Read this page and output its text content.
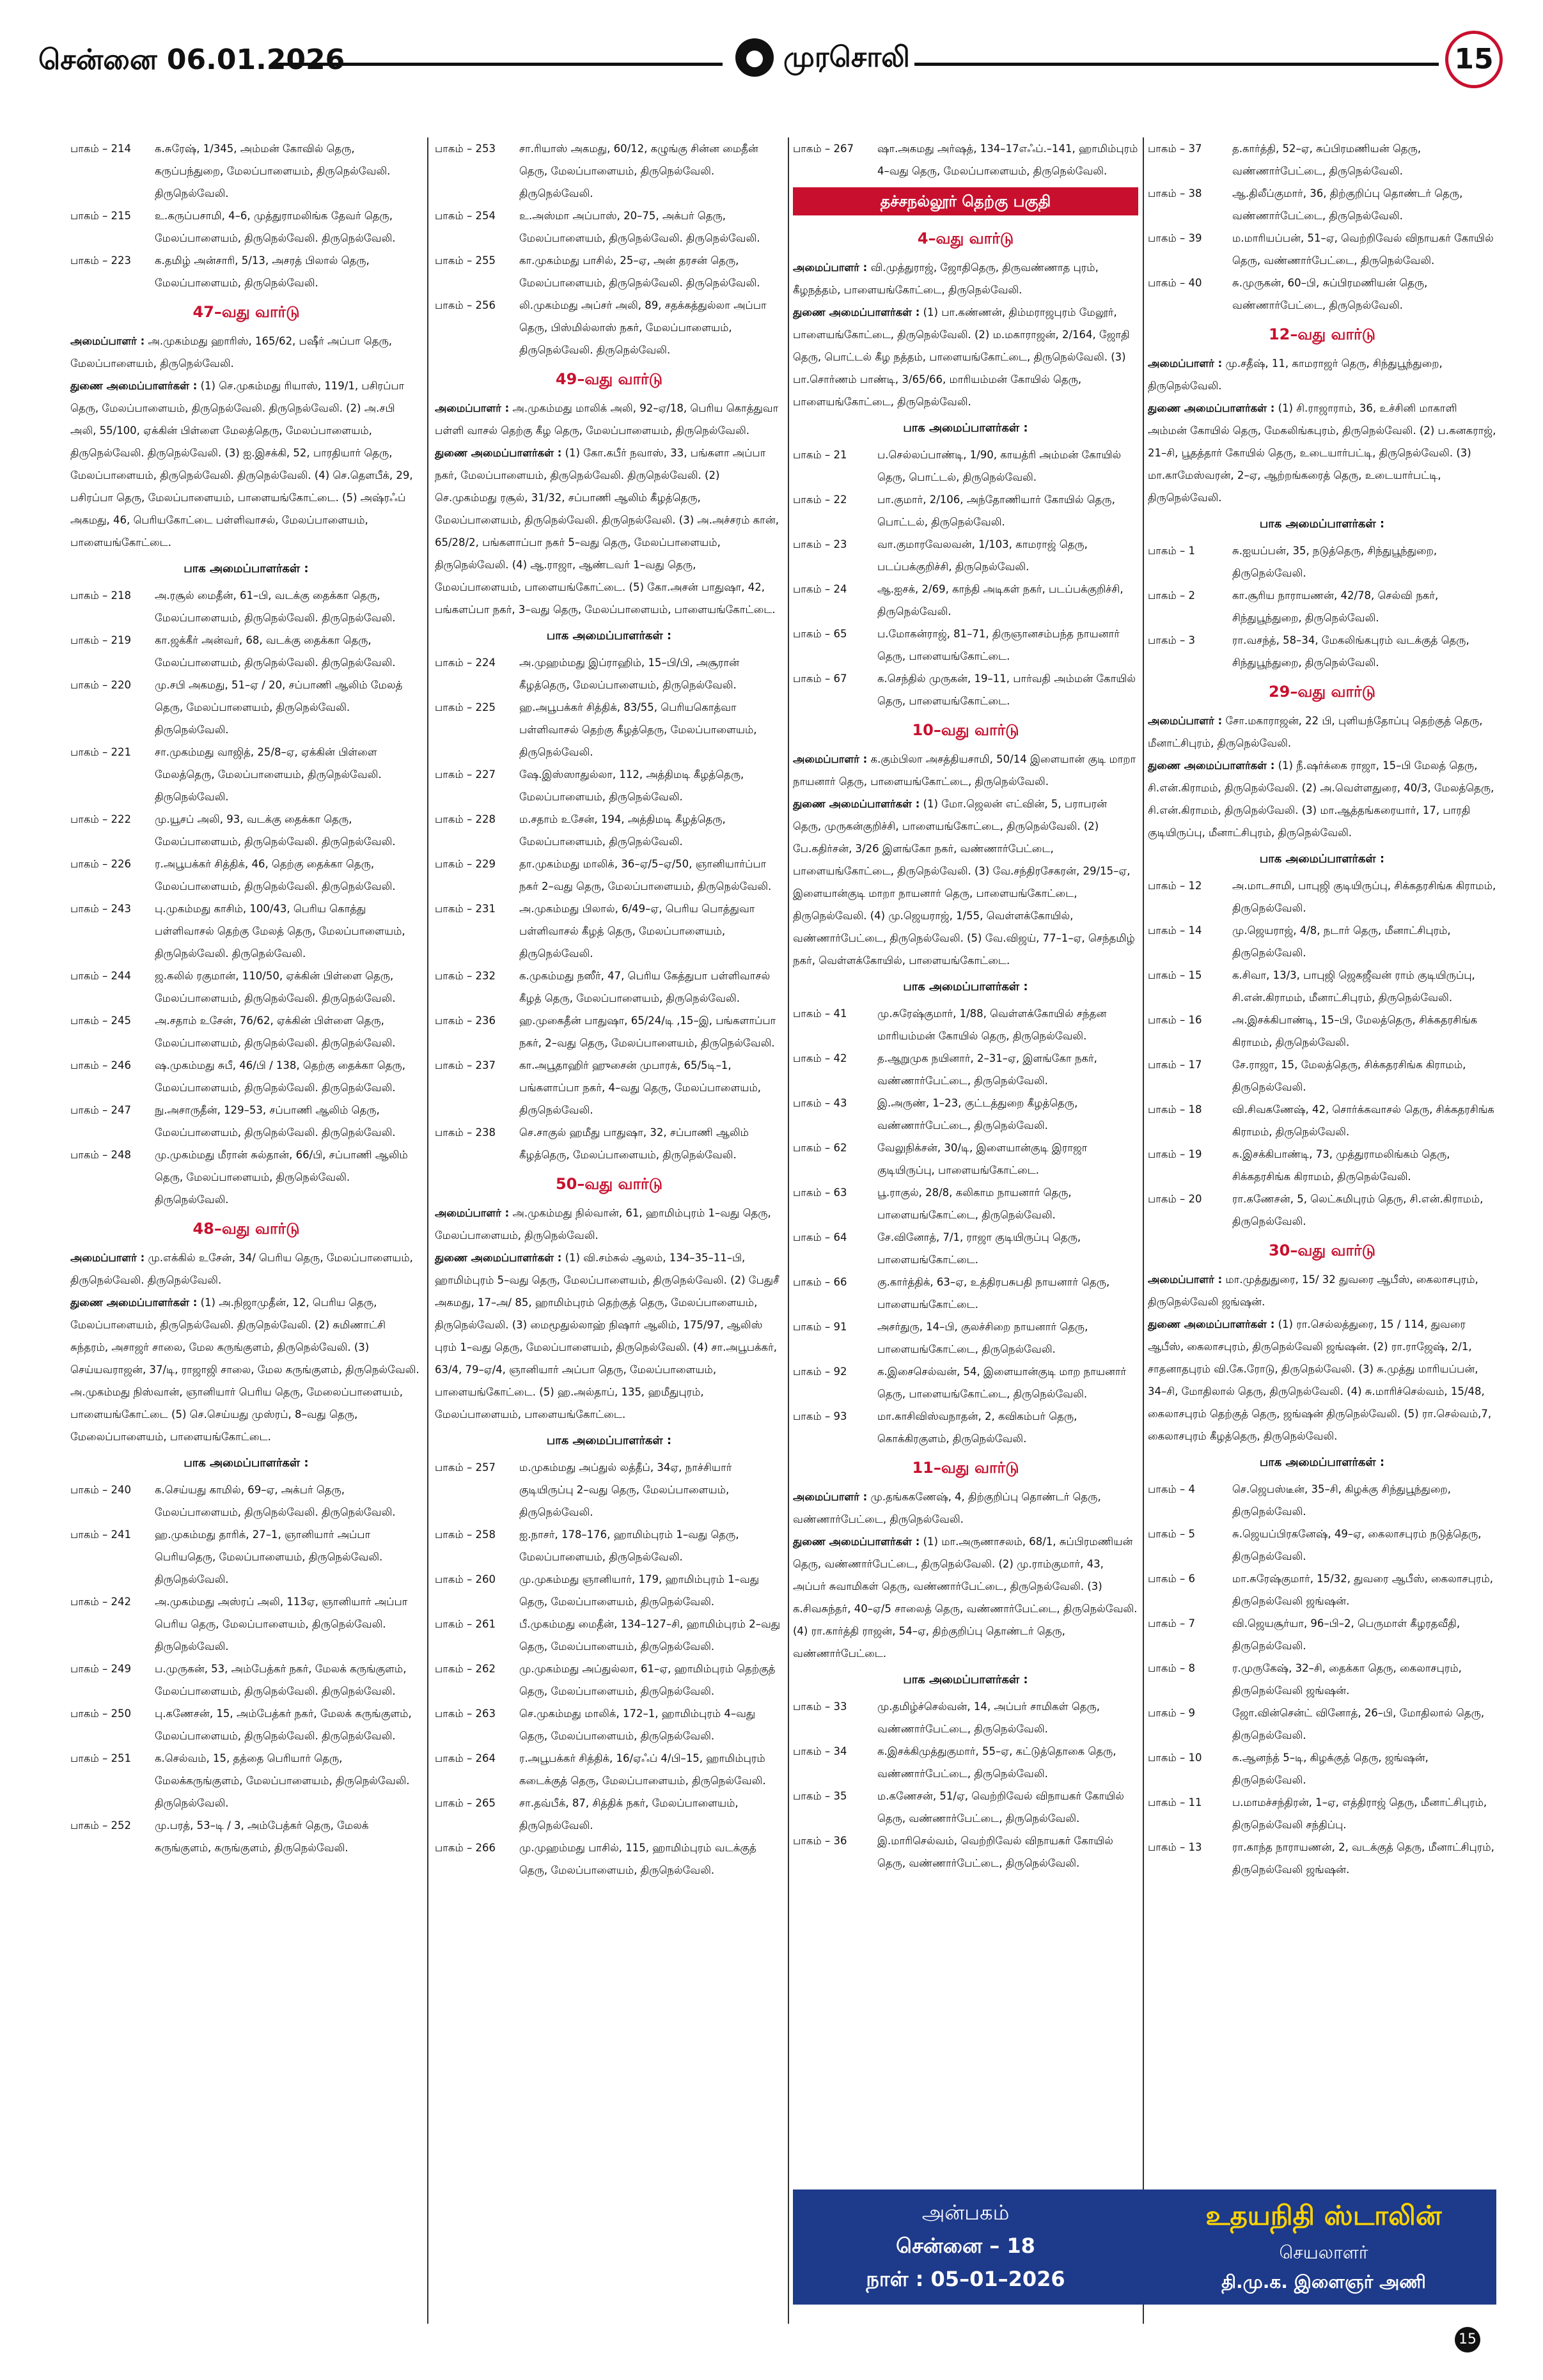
சென்னை 06.01.2026	● முரசொலி	15
பாகம் – 214	க.சுரேஷ், 1/345, அம்மன் கோவில் தெரு, கருப்பந்துறை, மேலப்பாளையம், திருநெல்வேலி. திருநெல்வேலி.
பாகம் – 215	உ.கருப்பசாமி, 4–6, முத்துராமலிங்க தேவர் தெரு, மேலப்பாளையம், திருநெல்வேலி. திருநெல்வேலி.
பாகம் – 223	க.தமிழ் அன்சாரி, 5/13, அசரத் பிலால் தெரு, மேலப்பாளையம், திருநெல்வேலி.
47–வது வார்டு
அமைப்பாளர் : அ.முகம்மது ஹாரிஸ், 165/62, பஷீர் அப்பா தெரு, மேலப்பாளையம், திருநெல்வேலி.
துணை அமைப்பாளர்கள் : (1) செ.முகம்மது ரியாஸ், 119/1, பசிரப்பா தெரு, மேலப்பாளையம், திருநெல்வேலி. திருநெல்வேலி. (2) அ.சபி அலி, 55/100, ஏக்கின் பிள்ளை மேலத்தெரு, மேலப்பாளையம், திருநெல்வேலி. திருநெல்வேலி. (3) ஐ.இசக்கி, 52, பாரதியார் தெரு, மேலப்பாளையம், திருநெல்வேலி. திருநெல்வேலி. (4) செ.தௌபீக், 29, பசிரப்பா தெரு, மேலப்பாளையம், பாளையங்கோட்டை. (5) அஷ்ரஃப் அகமது, 46, பெரியகோட்டை பள்ளிவாசல், மேலப்பாளையம், பாளையங்கோட்டை.
பாக அமைப்பாளர்கள் :
பாகம் – 218	அ.ரசூல் மைதீன், 61–பி, வடக்கு தைக்கா தெரு, மேலப்பாளையம், திருநெல்வேலி. திருநெல்வேலி.
பாகம் – 219	கா.ஜக்கீர் அன்வர், 68, வடக்கு தைக்கா தெரு, மேலப்பாளையம், திருநெல்வேலி. திருநெல்வேலி.
பாகம் – 220	மு.சபி அகமது, 51–ஏ / 20, சப்பாணி ஆலிம் மேலத் தெரு, மேலப்பாளையம், திருநெல்வேலி. திருநெல்வேலி.
பாகம் – 221	சா.முகம்மது வாஜித், 25/8–ஏ, ஏக்கின் பிள்ளை மேலத்தெரு, மேலப்பாளையம், திருநெல்வேலி. திருநெல்வேலி.
பாகம் – 222	மு.யூசப் அலி, 93, வடக்கு தைக்கா தெரு, மேலப்பாளையம், திருநெல்வேலி. திருநெல்வேலி.
பாகம் – 226	ர.அபூபக்கர் சித்திக், 46, தெற்கு தைக்கா தெரு, மேலப்பாளையம், திருநெல்வேலி. திருநெல்வேலி.
பாகம் – 243	பு.முகம்மது காசிம், 100/43, பெரிய கொத்து பள்ளிவாசல் தெற்கு மேலத் தெரு, மேலப்பாளையம், திருநெல்வேலி. திருநெல்வேலி.
பாகம் – 244	ஜ.கலில் ரகுமான், 110/50, ஏக்கின் பிள்ளை தெரு, மேலப்பாளையம், திருநெல்வேலி. திருநெல்வேலி.
பாகம் – 245	அ.சதாம் உசேன், 76/62, ஏக்கின் பிள்ளை தெரு, மேலப்பாளையம், திருநெல்வேலி. திருநெல்வேலி.
பாகம் – 246	ஷ.முகம்மது சுபீ, 46/பி / 138, தெற்கு தைக்கா தெரு, மேலப்பாளையம், திருநெல்வேலி. திருநெல்வேலி.
பாகம் – 247	நு.அசாருதீன், 129–53, சப்பாணி ஆலிம் தெரு, மேலப்பாளையம், திருநெல்வேலி. திருநெல்வேலி.
பாகம் – 248	மு.முகம்மது மீரான் சுல்தான், 66/பி, சப்பாணி ஆலிம் தெரு, மேலப்பாளையம், திருநெல்வேலி. திருநெல்வேலி.
48–வது வார்டு
அமைப்பாளர் : மு.எக்கில் உசேன், 34/ பெரிய தெரு, மேலப்பாளையம், திருநெல்வேலி. திருநெல்வேலி.
துணை அமைப்பாளர்கள் : (1) அ.நிஜாமுதீன், 12, பெரிய தெரு, மேலப்பாளையம், திருநெல்வேலி. திருநெல்வேலி. (2) சுமிணாட்சி சுந்தரம், அசாஜர் சாலை, மேல கருங்குளம், திருநெல்வேலி. (3) செய்யவராஜன், 37/டி, ராஜாஜி சாலை, மேல கருங்குளம், திருநெல்வேலி. அ.முகம்மது நிஸ்வான், ஞானியார் பெரிய தெரு, மேலைப்பாளையம், பாளையங்கோட்டை (5) செ.செய்யது முஸ்ரப், 8–வது தெரு, மேலைப்பாளையம், பாளையங்கோட்டை.
பாக அமைப்பாளர்கள் :
பாகம் – 240	க.செய்யது காமில், 69–ஏ, அக்பர் தெரு, மேலப்பாளையம், திருநெல்வேலி. திருநெல்வேலி.
பாகம் – 241	ஹ.முகம்மது தாரிக், 27–1, ஞானியார் அப்பா பெரியதெரு, மேலப்பாளையம், திருநெல்வேலி. திருநெல்வேலி.
பாகம் – 242	அ.முகம்மது அஸ்ரப் அலி, 113ஏ, ஞானியார் அப்பா பெரிய தெரு, மேலப்பாளையம், திருநெல்வேலி. திருநெல்வேலி.
பாகம் – 249	ப.முருகன், 53, அம்பேத்கர் நகர், மேலக் கருங்குளம், மேலப்பாளையம், திருநெல்வேலி. திருநெல்வேலி.
பாகம் – 250	பு.கணேசன், 15, அம்பேத்கர் நகர், மேலக் கருங்குளம், மேலப்பாளையம், திருநெல்வேலி. திருநெல்வேலி.
பாகம் – 251	க.செல்வம், 15, தத்தை பெரியார் தெரு, மேலக்கருங்குளம், மேலப்பாளையம், திருநெல்வேலி. திருநெல்வேலி.
பாகம் – 252	மு.பரத், 53–டி / 3, அம்பேத்கர் தெரு, மேலக் கருங்குளம், கருங்குளம், திருநெல்வேலி.
பாகம் – 253	சா.ரியாஸ் அகமது, 60/12, கழுங்கு சின்ன மைதீன் தெரு, மேலப்பாளையம், திருநெல்வேலி. திருநெல்வேலி.
பாகம் – 254	உ.அஸ்மா அப்பாஸ், 20–75, அக்பர் தெரு, மேலப்பாளையம், திருநெல்வேலி. திருநெல்வேலி.
பாகம் – 255	கா.முகம்மது பாசில், 25–ஏ, அன் தரசன் தெரு, மேலப்பாளையம், திருநெல்வேலி. திருநெல்வேலி.
பாகம் – 256	லி.முகம்மது அப்சர் அலி, 89, சதக்கத்துல்லா அப்பா தெரு, பிஸ்மில்லாஸ் நகர், மேலப்பாளையம், திருநெல்வேலி. திருநெல்வேலி.
49–வது வார்டு
அமைப்பாளர் : அ.முகம்மது மாலிக் அலி, 92–ஏ/18, பெரிய கொத்துவா பள்ளி வாசல் தெற்கு கீழ தெரு, மேலப்பாளையம், திருநெல்வேலி.
துணை அமைப்பாளர்கள் : (1) கோ.கபீர் நவாஸ், 33, பங்களா அப்பா நகர், மேலப்பாளையம், திருநெல்வேலி. திருநெல்வேலி. (2) செ.முகம்மது ரசூல், 31/32, சப்பாணி ஆலிம் கீழத்தெரு, மேலப்பாளையம், திருநெல்வேலி. திருநெல்வேலி. (3) அ.அச்சரம் கான், 65/28/2, பங்களாப்பா நகர் 5–வது தெரு, மேலப்பாளையம், திருநெல்வேலி. (4) ஆ.ராஜா, ஆண்டவர் 1–வது தெரு, மேலப்பாளையம், பாளையங்கோட்டை. (5) கோ.அசன் பாதுஷா, 42, பங்களப்பா நகர், 3–வது தெரு, மேலப்பாளையம், பாளையங்கோட்டை.
பாக அமைப்பாளர்கள் :
பாகம் – 224	அ.முஹம்மது இப்ராஹிம், 15–பி/பி, அசூரான் கீழத்தெரு, மேலப்பாளையம், திருநெல்வேலி.
பாகம் – 225	ஹ.அபூபக்கர் சித்திக், 83/55, பெரியகொத்வா பள்ளிவாசல் தெற்கு கீழத்தெரு, மேலப்பாளையம், திருநெல்வேலி.
பாகம் – 227	ஷே.இஸ்ஸாதுல்லா, 112, அத்திமடி கீழத்தெரு, மேலப்பாளையம், திருநெல்வேலி.
பாகம் – 228	ம.சதாம் உசேன், 194, அத்திமடி கீழத்தெரு, மேலப்பாளையம், திருநெல்வேலி.
பாகம் – 229	தா.முகம்மது மாலிக், 36–ஏ/5–ஏ/50, ஞானியார்ப்பா நகர் 2–வது தெரு, மேலப்பாளையம், திருநெல்வேலி.
பாகம் – 231	அ.முகம்மது பிலால், 6/49–ஏ, பெரிய பொத்துவா பள்ளிவாசல் கீழத் தெரு, மேலப்பாளையம், திருநெல்வேலி.
பாகம் – 232	க.முகம்மது நஸீர், 47, பெரிய கேத்துபா பள்ளிவாசல் கீழத் தெரு, மேலப்பாளையம், திருநெல்வேலி.
பாகம் – 236	ஹ.முகைதீன் பாதுஷா, 65/24/டி ,15–இ, பங்களாப்பா நகர், 2–வது தெரு, மேலப்பாளையம், திருநெல்வேலி.
பாகம் – 237	கா.அபூதாஹிர் ஹுசைன் முபாரக், 65/5டி–1, பங்களாப்பா நகர், 4–வது தெரு, மேலப்பாளையம், திருநெல்வேலி.
பாகம் – 238	செ.சாகுல் ஹமீது பாதுஷா, 32, சப்பாணி ஆலிம் கீழத்தெரு, மேலப்பாளையம், திருநெல்வேலி.
50–வது வார்டு
அமைப்பாளர் : அ.முகம்மது நில்வான், 61, ஹாமிம்புரம் 1–வது தெரு, மேலப்பாளையம், திருநெல்வேலி.
துணை அமைப்பாளர்கள் : (1) வி.சம்சுல் ஆலம், 134–35–11–பி, ஹாமிம்புரம் 5–வது தெரு, மேலப்பாளையம், திருநெல்வேலி. (2) பேதுசீ அகமது, 17–அ/ 85, ஹாமிம்புரம் தெற்குத் தெரு, மேலப்பாளையம், திருநெல்வேலி. (3) மைமூதுல்லாஹ் நிஷார் ஆலிம், 175/97, ஆலிஸ் புரம் 1–வது தெரு, மேலப்பாளையம், திருநெல்வேலி. (4) சா.அபூபக்கர், 63/4, 79–ஏ/4, ஞானியார் அப்பா தெரு, மேலப்பாளையம், பாளையங்கோட்டை. (5) ஹ.அல்தாப், 135, ஹமீதுபுரம், மேலப்பாளையம், பாளையங்கோட்டை.
பாக அமைப்பாளர்கள் :
பாகம் – 257	ம.முகம்மது அப்துல் லத்தீப், 34ஏ, நாச்சியார் குடியிருப்பு 2–வது தெரு, மேலப்பாளையம், திருநெல்வேலி.
பாகம் – 258	ஐ.நாசர், 178–176, ஹாமிம்புரம் 1–வது தெரு, மேலப்பாளையம், திருநெல்வேலி.
பாகம் – 260	மு.முகம்மது ஞானியார், 179, ஹாமிம்புரம் 1–வது தெரு, மேலப்பாளையம், திருநெல்வேலி.
பாகம் – 261	பீ.முகம்மது மைதீன், 134–127–சி, ஹாமிம்புரம் 2–வது தெரு, மேலப்பாளையம், திருநெல்வேலி.
பாகம் – 262	மு.முகம்மது அப்துல்லா, 61–ஏ, ஹாமிம்புரம் தெற்குத் தெரு, மேலப்பாளையம், திருநெல்வேலி.
பாகம் – 263	செ.முகம்மது மாலிக், 172–1, ஹாமிம்புரம் 4–வது தெரு, மேலப்பாளையம், திருநெல்வேலி.
பாகம் – 264	ர.அபூபக்கர் சித்திக், 16/ஏஃப் 4/பி–15, ஹாமிம்புரம் கடைக்குத் தெரு, மேலப்பாளையம், திருநெல்வேலி.
பாகம் – 265	சா.தவ்பீக், 87, சித்திக் நகர், மேலப்பாளையம், திருநெல்வேலி.
பாகம் – 266	மு.முஹம்மது பாசில், 115, ஹாமிம்புரம் வடக்குத் தெரு, மேலப்பாளையம், திருநெல்வேலி.
பாகம் – 267	ஷா.அகமது அர்ஷத், 134–17எஃப்.–141, ஹாமிம்புரம் 4–வது தெரு, மேலப்பாளையம், திருநெல்வேலி.
தச்சநல்லூர் தெற்கு பகுதி
4–வது வார்டு
அமைப்பாளர் : வி.முத்துராஜ், ஜோதிதெரு, திருவண்ணாத புரம், கீழநத்தம், பாளையங்கோட்டை, திருநெல்வேலி.
துணை அமைப்பாளர்கள் : (1) பா.கண்ணன், திம்மராஜபுரம் மேலூர், பாளையங்கோட்டை, திருநெல்வேலி. (2) ம.மகாராஜன், 2/164, ஜோதி தெரு, பொட்டல் கீழ நத்தம், பாளையங்கோட்டை, திருநெல்வேலி. (3) பா.சொர்ணம் பாண்டி, 3/65/66, மாரியம்மன் கோயில் தெரு, பாளையங்கோட்டை, திருநெல்வேலி.
பாக அமைப்பாளர்கள் :
பாகம் – 21	ப.செல்லப்பாண்டி, 1/90, காயத்ரி அம்மன் கோயில் தெரு, பொட்டல், திருநெல்வேலி.
பாகம் – 22	பா.குமார், 2/106, அந்தோணியார் கோயில் தெரு, பொட்டல், திருநெல்வேலி.
பாகம் – 23	வா.குமாரவேலவன், 1/103, காமராஜ் தெரு, படப்பக்குறிச்சி, திருநெல்வேலி.
பாகம் – 24	ஆ.ஐசக், 2/69, காந்தி அடிகள் நகர், படப்பக்குறிச்சி, திருநெல்வேலி.
பாகம் – 65	ப.மோகன்ராஜ், 81–71, திருஞானசம்பந்த நாயனார் தெரு, பாளையங்கோட்டை.
பாகம் – 67	க.செந்தில் முருகன், 19–11, பார்வதி அம்மன் கோயில் தெரு, பாளையங்கோட்டை.
10–வது வார்டு
அமைப்பாளர் : க.கும்பிலா அசத்தியசாமி, 50/14 இளையான் குடி மாறா நாயனார் தெரு, பாளையங்கோட்டை, திருநெல்வேலி.
துணை அமைப்பாளர்கள் : (1) மோ.ஜெலன் எட்வின், 5, பராபரன் தெரு, முருகன்குறிச்சி, பாளையங்கோட்டை, திருநெல்வேலி. (2) பே.கதிர்சன், 3/26 இளங்கோ நகர், வண்ணார்பேட்டை, பாளையங்கோட்டை, திருநெல்வேலி. (3) வே.சந்திரசேகரன், 29/15–ஏ, இளையான்குடி மாறா நாயனார் தெரு, பாளையங்கோட்டை, திருநெல்வேலி. (4) மு.ஜெயராஜ், 1/55, வெள்ளக்கோயில், வண்ணார்பேட்டை, திருநெல்வேலி. (5) வே.விஜய், 77–1–ஏ, செந்தமிழ் நகர், வெள்ளக்கோயில், பாளையங்கோட்டை.
பாக அமைப்பாளர்கள் :
பாகம் – 41	மு.சுரேஷ்குமார், 1/88, வெள்ளக்கோயில் சந்தன மாரியம்மன் கோயில் தெரு, திருநெல்வேலி.
பாகம் – 42	த.ஆறுமுக நயினார், 2–31–ஏ, இளங்கோ நகர், வண்ணார்பேட்டை, திருநெல்வேலி.
பாகம் – 43	இ.அருண், 1–23, குட்டத்துறை கீழத்தெரு, வண்ணார்பேட்டை, திருநெல்வேலி.
பாகம் – 62	வேலுநிக்சன், 30/டி, இளையான்குடி இராஜா குடியிருப்பு, பாளையங்கோட்டை.
பாகம் – 63	பூ.ராகுல், 28/8, கலிகாம நாயனார் தெரு, பாளையங்கோட்டை, திருநெல்வேலி.
பாகம் – 64	சே.வினோத், 7/1, ராஜா குடியிருப்பு தெரு, பாளையங்கோட்டை.
பாகம் – 66	கு.கார்த்திக், 63–ஏ, உத்திரபசுபதி நாயனார் தெரு, பாளையங்கோட்டை.
பாகம் – 91	அசர்துரு, 14–பி, குலச்சிறை நாயனார் தெரு, பாளையங்கோட்டை, திருநெல்வேலி.
பாகம் – 92	க.இசைசெல்வன், 54, இளையான்குடி மாற நாயனார் தெரு, பாளையங்கோட்டை, திருநெல்வேலி.
பாகம் – 93	மா.காசிவிஸ்வநாதன், 2, கவிகம்பர் தெரு, கொக்கிரகுளம், திருநெல்வேலி.
11–வது வார்டு
அமைப்பாளர் : மு.தங்ககணேஷ், 4, திற்குறிப்பு தொண்டர் தெரு, வண்ணார்பேட்டை, திருநெல்வேலி.
துணை அமைப்பாளர்கள் : (1) மா.அருணாசலம், 68/1, சுப்பிரமணியன் தெரு, வண்ணார்பேட்டை, திருநெல்வேலி. (2) மு.ராம்குமார், 43, அப்பர் சுவாமிகள் தெரு, வண்ணார்பேட்டை, திருநெல்வேலி. (3) க.சிவசுந்தர், 40–ஏ/5 சாலைத் தெரு, வண்ணார்பேட்டை, திருநெல்வேலி. (4) ரா.கார்த்தி ராஜன், 54–ஏ, திற்குறிப்பு தொண்டர் தெரு, வண்ணார்பேட்டை.
பாக அமைப்பாளர்கள் :
பாகம் – 33	மு.தமிழ்ச்செல்வன், 14, அப்பர் சாமிகள் தெரு, வண்ணார்பேட்டை, திருநெல்வேலி.
பாகம் – 34	க.இசக்கிமுத்துகுமார், 55–ஏ, கட்டுத்தொகை தெரு, வண்ணார்பேட்டை, திருநெல்வேலி.
பாகம் – 35	ம.கணேசன், 51/ஏ, வெற்றிவேல் விநாயகர் கோயில் தெரு, வண்ணார்பேட்டை, திருநெல்வேலி.
பாகம் – 36	இ.மாரிசெல்வம், வெற்றிவேல் விநாயகர் கோயில் தெரு, வண்ணார்பேட்டை, திருநெல்வேலி.
பாகம் – 37	த.கார்த்தி, 52–ஏ, சுப்பிரமணியன் தெரு, வண்ணார்பேட்டை, திருநெல்வேலி.
பாகம் – 38	ஆ.திலீப்குமார், 36, திற்குறிப்பு தொண்டர் தெரு, வண்ணார்பேட்டை, திருநெல்வேலி.
பாகம் – 39	ம.மாரியப்பன், 51–ஏ, வெற்றிவேல் விநாயகர் கோயில் தெரு, வண்ணார்பேட்டை, திருநெல்வேலி.
பாகம் – 40	சு.முருகன், 60–பி, சுப்பிரமணியன் தெரு, வண்ணார்பேட்டை, திருநெல்வேலி.
12–வது வார்டு
அமைப்பாளர் : மு.சதீஷ், 11, காமராஜர் தெரு, சிந்துபூந்துறை, திருநெல்வேலி.
துணை அமைப்பாளர்கள் : (1) சி.ராஜாராம், 36, உச்சினி மாகாளி அம்மன் கோயில் தெரு, மேகலிங்கபுரம், திருநெல்வேலி. (2) ப.கனகராஜ், 21–சி, பூதத்தார் கோயில் தெரு, உடையார்பட்டி, திருநெல்வேலி. (3) மா.காமேஸ்வரன், 2–ஏ, ஆற்றங்கரைத் தெரு, உடையார்பட்டி, திருநெல்வேலி.
பாக அமைப்பாளர்கள் :
பாகம் – 1	சு.ஐயப்பன், 35, நடுத்தெரு, சிந்துபூந்துறை, திருநெல்வேலி.
பாகம் – 2	கா.சூரிய நாராயணன், 42/78, செல்வி நகர், சிந்துபூந்துறை, திருநெல்வேலி.
பாகம் – 3	ரா.வசந்த், 58–34, மேகலிங்கபுரம் வடக்குத் தெரு, சிந்துபூந்துறை, திருநெல்வேலி.
29–வது வார்டு
அமைப்பாளர் : சோ.மகாராஜன், 22 பி, புளியந்தோப்பு தெற்குத் தெரு, மீனாட்சிபுரம், திருநெல்வேலி.
துணை அமைப்பாளர்கள் : (1) நீ.ஷர்க்கை ராஜா, 15–பி மேலத் தெரு, சி.என்.கிராமம், திருநெல்வேலி. (2) அ.வெள்ளதுரை, 40/3, மேலத்தெரு, சி.என்.கிராமம், திருநெல்வேலி. (3) மா.ஆத்தங்கரையார், 17, பாரதி குடியிருப்பு, மீனாட்சிபுரம், திருநெல்வேலி.
பாக அமைப்பாளர்கள் :
பாகம் – 12	அ.மாடசாமி, பாபுஜி குடியிருப்பு, சிக்கதரசிங்க கிராமம், திருநெல்வேலி.
பாகம் – 14	மு.ஜெயராஜ், 4/8, நடார் தெரு, மீனாட்சிபுரம், திருநெல்வேலி.
பாகம் – 15	க.சிவா, 13/3, பாபுஜி ஜெகஜீவன் ராம் குடியிருப்பு, சி.என்.கிராமம், மீனாட்சிபுரம், திருநெல்வேலி.
பாகம் – 16	அ.இசக்கிபாண்டி, 15–பி, மேலத்தெரு, சிக்கதரசிங்க கிராமம், திருநெல்வேலி.
பாகம் – 17	சே.ராஜா, 15, மேலத்தெரு, சிக்கதரசிங்க கிராமம், திருநெல்வேலி.
பாகம் – 18	வி.சிவகணேஷ், 42, சொர்க்கவாசல் தெரு, சிக்கதரசிங்க கிராமம், திருநெல்வேலி.
பாகம் – 19	சு.இசக்கிபாண்டி, 73, முத்துராமலிங்கம் தெரு, சிக்கதரசிங்க கிராமம், திருநெல்வேலி.
பாகம் – 20	ரா.கணேசன், 5, லெட்சுமிபுரம் தெரு, சி.என்.கிராமம், திருநெல்வேலி.
30–வது வார்டு
அமைப்பாளர் : மா.முத்துதுரை, 15/ 32 துவரை ஆபீஸ், கைலாசபுரம், திருநெல்வேலி ஜங்ஷன்.
துணை அமைப்பாளர்கள் : (1) ரா.செல்லத்துரை, 15 / 114, துவரை ஆபீஸ், கைலாசபுரம், திருநெல்வேலி ஜங்ஷன். (2) ரா.ராஜேஷ், 2/1, சாதனாதபுரம் வி.கே.ரோடு, திருநெல்வேலி. (3) சு.முத்து மாரியப்பன், 34–சி, மோதிலால் தெரு, திருநெல்வேலி. (4) சு.மாரிச்செல்வம், 15/48, கைலாசபுரம் தெற்குத் தெரு, ஜங்ஷன் திருநெல்வேலி. (5) ரா.செல்வம்,7, கைலாசபுரம் கீழத்தெரு, திருநெல்வேலி.
பாக அமைப்பாளர்கள் :
பாகம் – 4	செ.ஜெபஸ்டீன், 35–சி, கிழக்கு சிந்துபூந்துறை, திருநெல்வேலி.
பாகம் – 5	சு.ஜெயப்பிரகனேஷ், 49–ஏ, கைலாசபுரம் நடுத்தெரு, திருநெல்வேலி.
பாகம் – 6	மா.சுரேஷ்குமார், 15/32, துவரை ஆபீஸ், கைலாசபுரம், திருநெல்வேலி ஜங்ஷன்.
பாகம் – 7	வி.ஜெயசூர்யா, 96–பி–2, பெருமாள் கீழரதவீதி, திருநெல்வேலி.
பாகம் – 8	ர.முருகேஷ், 32–சி, தைக்கா தெரு, கைலாசபுரம், திருநெல்வேலி ஜங்ஷன்.
பாகம் – 9	ஜோ.வின்சென்ட் வினோத், 26–பி, மோதிலால் தெரு, திருநெல்வேலி.
பாகம் – 10	க.ஆனந்த் 5–டி, கிழக்குத் தெரு, ஜங்ஷன், திருநெல்வேலி.
பாகம் – 11	ப.மாமச்சந்திரன், 1–ஏ, எத்திராஜ் தெரு, மீனாட்சிபுரம், திருநெல்வேலி சந்திப்பு.
பாகம் – 13	ரா.காந்த நாராயணன், 2, வடக்குத் தெரு, மீனாட்சிபுரம், திருநெல்வேலி ஜங்ஷன்.
அன்பகம்
சென்னை – 18
நாள் : 05–01–2026
உதயநிதி ஸ்டாலின்
செயலாளர்
தி.மு.க. இளைஞர் அணி
15
